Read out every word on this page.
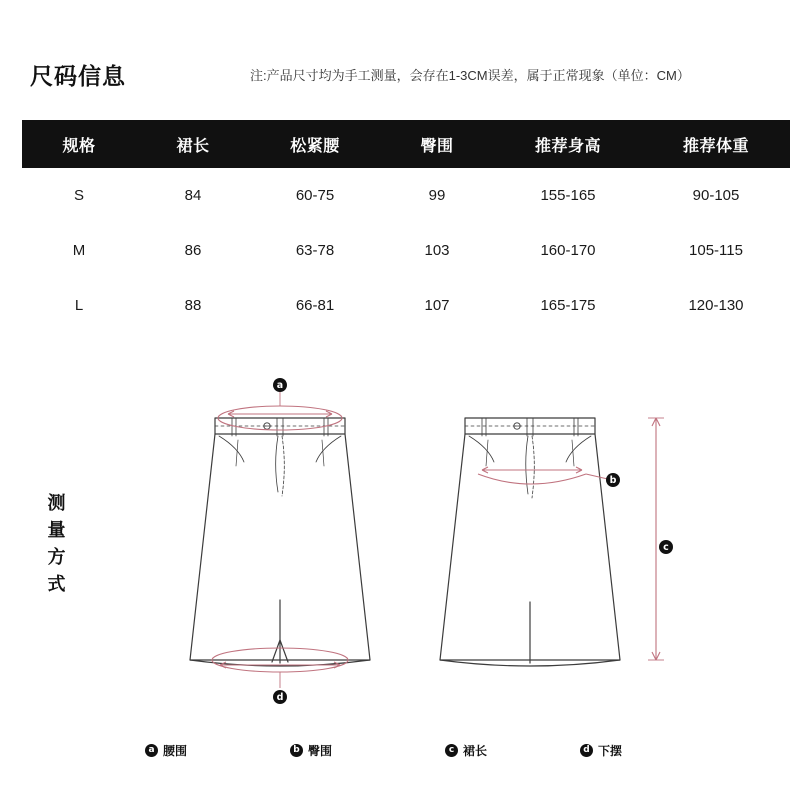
尺码信息	注:产品尺寸均为手工测量，会存在1-3CM误差，属于正常现象（单位：CM）
规格	裙长	松紧腰	臀围	推荐身高	推荐体重
S	84	60-75	99	155-165	90-105
M	86	63-78	103	160-170	105-115
L	88	66-81	107	165-175	120-130
测量方式
a
b
c
d
a 腰围	b 臀围	c 裙长	d 下摆
